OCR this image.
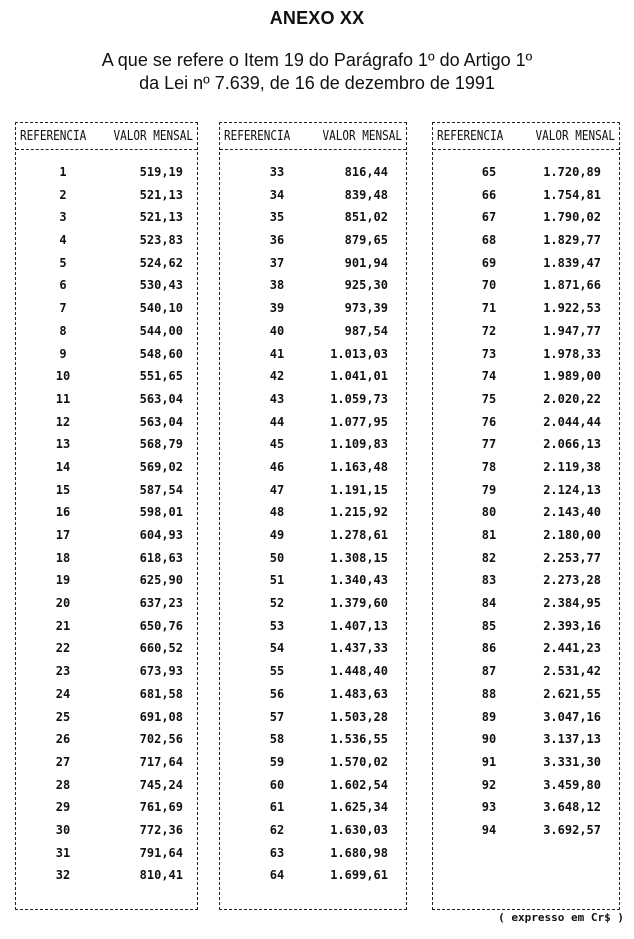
ANEXO XX
A que se refere o Item 19 do Parágrafo 1º do Artigo 1º
da Lei nº 7.639, de 16 de dezembro de 1991
REFERENCIA VALOR MENSAL
1	519,19
2	521,13
3	521,13
4	523,83
5	524,62
6	530,43
7	540,10
8	544,00
9	548,60
10	551,65
11	563,04
12	563,04
13	568,79
14	569,02
15	587,54
16	598,01
17	604,93
18	618,63
19	625,90
20	637,23
21	650,76
22	660,52
23	673,93
24	681,58
25	691,08
26	702,56
27	717,64
28	745,24
29	761,69
30	772,36
31	791,64
32	810,41
REFERENCIA	VALOR MENSAL
33	816,44
34	839,48
35	851,02
36	879,65
37	901,94
38	925,30
39	973,39
40	987,54
41	1.013,03
42	1.041,01
43	1.059,73
44	1.077,95
45	1.109,83
46	1.163,48
47	1.191,15
48	1.215,92
49	1.278,61
50	1.308,15
51	1.340,43
52	1.379,60
53	1.407,13
54	1.437,33
55	1.448,40
56	1.483,63
57	1.503,28
58	1.536,55
59	1.570,02
60	1.602,54
61	1.625,34
62	1.630,03
63	1.680,98
64	1.699,61
REFERENCIA	VALOR MENSAL
65	1.720,89
66	1.754,81
67	1.790,02
68	1.829,77
69	1.839,47
70	1.871,66
71	1.922,53
72	1.947,77
73	1.978,33
74	1.989,00
75	2.020,22
76	2.044,44
77	2.066,13
78	2.119,38
79	2.124,13
80	2.143,40
81	2.180,00
82	2.253,77
83	2.273,28
84	2.384,95
85	2.393,16
86	2.441,23
87	2.531,42
88	2.621,55
89	3.047,16
90	3.137,13
91	3.331,30
92	3.459,80
93	3.648,12
94	3.692,57
( expresso em Cr$ )
